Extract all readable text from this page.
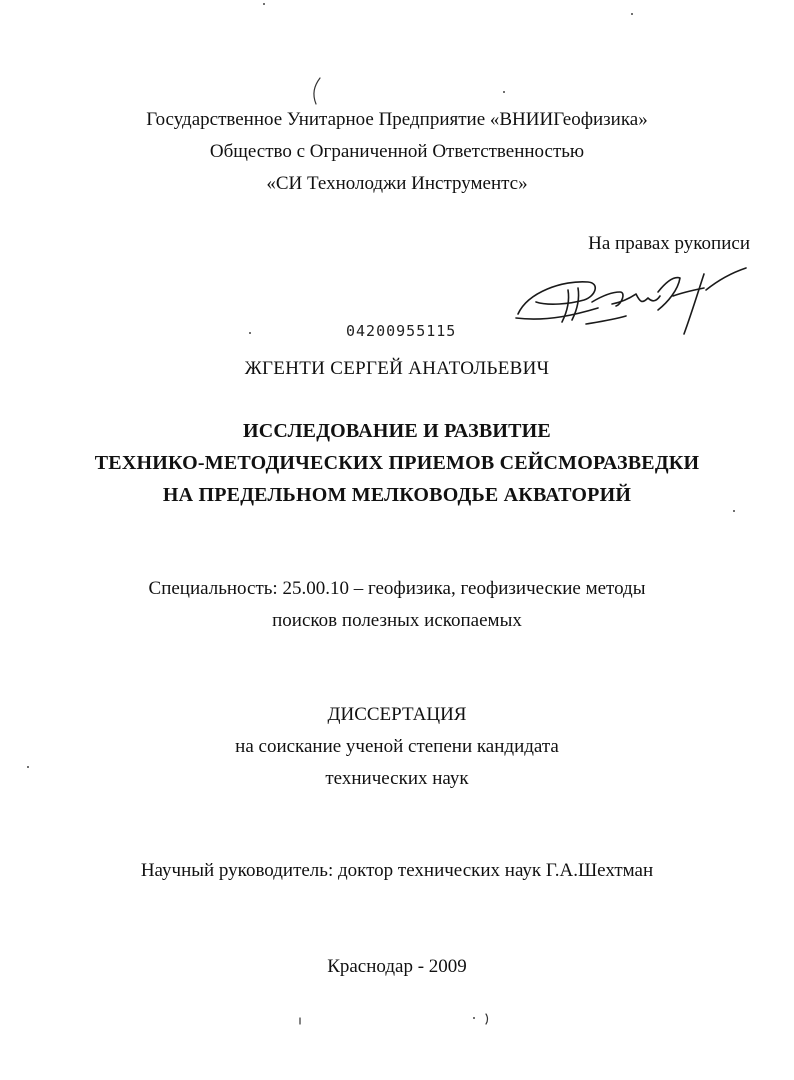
Государственное Унитарное Предприятие «ВНИИГеофизика»
Общество с Ограниченной Ответственностью
«СИ Технолоджи Инструментс»
На правах рукописи
04200955115
ЖГЕНТИ СЕРГЕЙ АНАТОЛЬЕВИЧ
ИССЛЕДОВАНИЕ И РАЗВИТИЕ
ТЕХНИКО-МЕТОДИЧЕСКИХ ПРИЕМОВ СЕЙСМОРАЗВЕДКИ
НА ПРЕДЕЛЬНОМ МЕЛКОВОДЬЕ АКВАТОРИЙ
Специальность: 25.00.10 – геофизика, геофизические методы
поисков полезных ископаемых
ДИССЕРТАЦИЯ
на соискание ученой степени кандидата
технических наук
Научный руководитель: доктор технических наук Г.А.Шехтман
Краснодар - 2009
